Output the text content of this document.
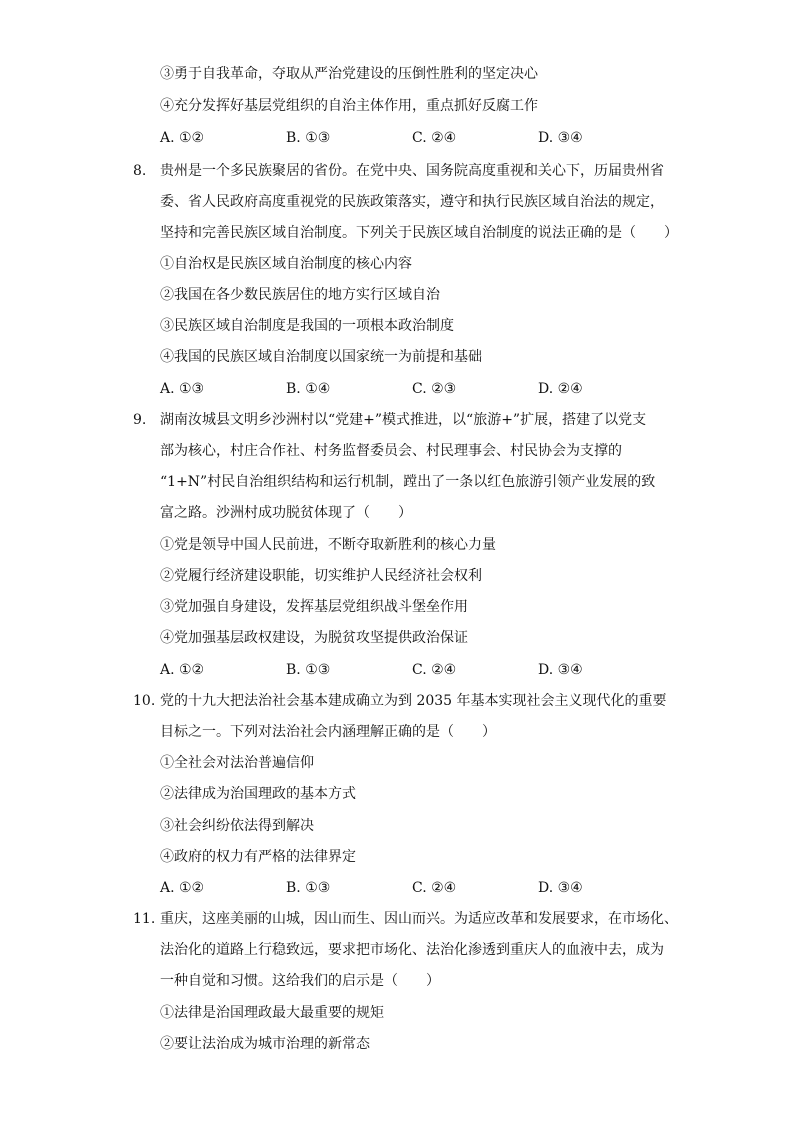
③勇于自我革命，夺取从严治党建设的压倒性胜利的坚定决心
④充分发挥好基层党组织的自治主体作用，重点抓好反腐工作
A. ①②	B. ①③	C. ②④	D. ③④
8. 贵州是一个多民族聚居的省份。在党中央、国务院高度重视和关心下，历届贵州省
委、省人民政府高度重视党的民族政策落实，遵守和执行民族区域自治法的规定，
坚持和完善民族区域自治制度。下列关于民族区域自治制度的说法正确的是（　　）
①自治权是民族区域自治制度的核心内容
②我国在各少数民族居住的地方实行区域自治
③民族区域自治制度是我国的一项根本政治制度
④我国的民族区域自治制度以国家统一为前提和基础
A. ①③	B. ①④	C. ②③	D. ②④
9. 湖南汝城县文明乡沙洲村以“党建+”模式推进，以“旅游+”扩展，搭建了以党支
部为核心，村庄合作社、村务监督委员会、村民理事会、村民协会为支撑的
“1+N”村民自治组织结构和运行机制，蹚出了一条以红色旅游引领产业发展的致
富之路。沙洲村成功脱贫体现了（　　）
①党是领导中国人民前进，不断夺取新胜利的核心力量
②党履行经济建设职能，切实维护人民经济社会权利
③党加强自身建设，发挥基层党组织战斗堡垒作用
④党加强基层政权建设，为脱贫攻坚提供政治保证
A. ①②	B. ①③	C. ②④	D. ③④
10. 党的十九大把法治社会基本建成确立为到 2035 年基本实现社会主义现代化的重要
目标之一。下列对法治社会内涵理解正确的是（　　）
①全社会对法治普遍信仰
②法律成为治国理政的基本方式
③社会纠纷依法得到解决
④政府的权力有严格的法律界定
A. ①②	B. ①③	C. ②④	D. ③④
11. 重庆，这座美丽的山城，因山而生、因山而兴。为适应改革和发展要求，在市场化、
法治化的道路上行稳致远，要求把市场化、法治化渗透到重庆人的血液中去，成为
一种自觉和习惯。这给我们的启示是（　　）
①法律是治国理政最大最重要的规矩
②要让法治成为城市治理的新常态
